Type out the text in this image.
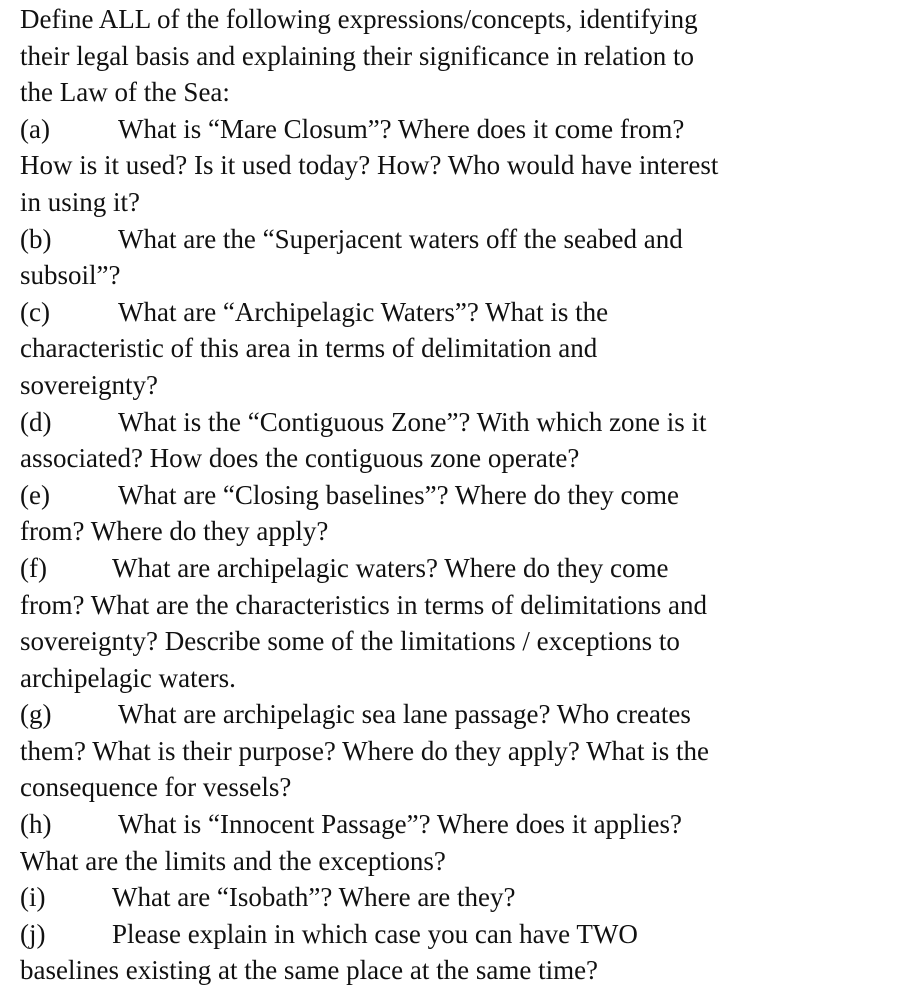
Define ALL of the following expressions/concepts, identifying
their legal basis and explaining their significance in relation to
the Law of the Sea:

(a)	What is “Mare Closum”? Where does it come from?
How is it used? Is it used today? How? Who would have interest
in using it?

(b) What are the “Superjacent waters off the seabed and
subsoil”?

(c)	What are “Archipelagic Waters”? What is the
characteristic of this area in terms of delimitation and
sovereignty?

(d) What is the “Contiguous Zone”? With which zone is it
associated? How does the contiguous zone operate?

(e)	What are “Closing baselines”? Where do they come
from? Where do they apply?

(f) What are archipelagic waters? Where do they come
from? What are the characteristics in terms of delimitations and
sovereignty? Describe some of the limitations / exceptions to
archipelagic waters.

(g) What are archipelagic sea lane passage? Who creates
them? What is their purpose? Where do they apply? What is the
consequence for vessels?

(h) What is “Innocent Passage”? Where does it applies?
What are the limits and the exceptions?

(i) What are “Isobath”? Where are they?

(j) Please explain in which case you can have TWO
baselines existing at the same place at the same time?
